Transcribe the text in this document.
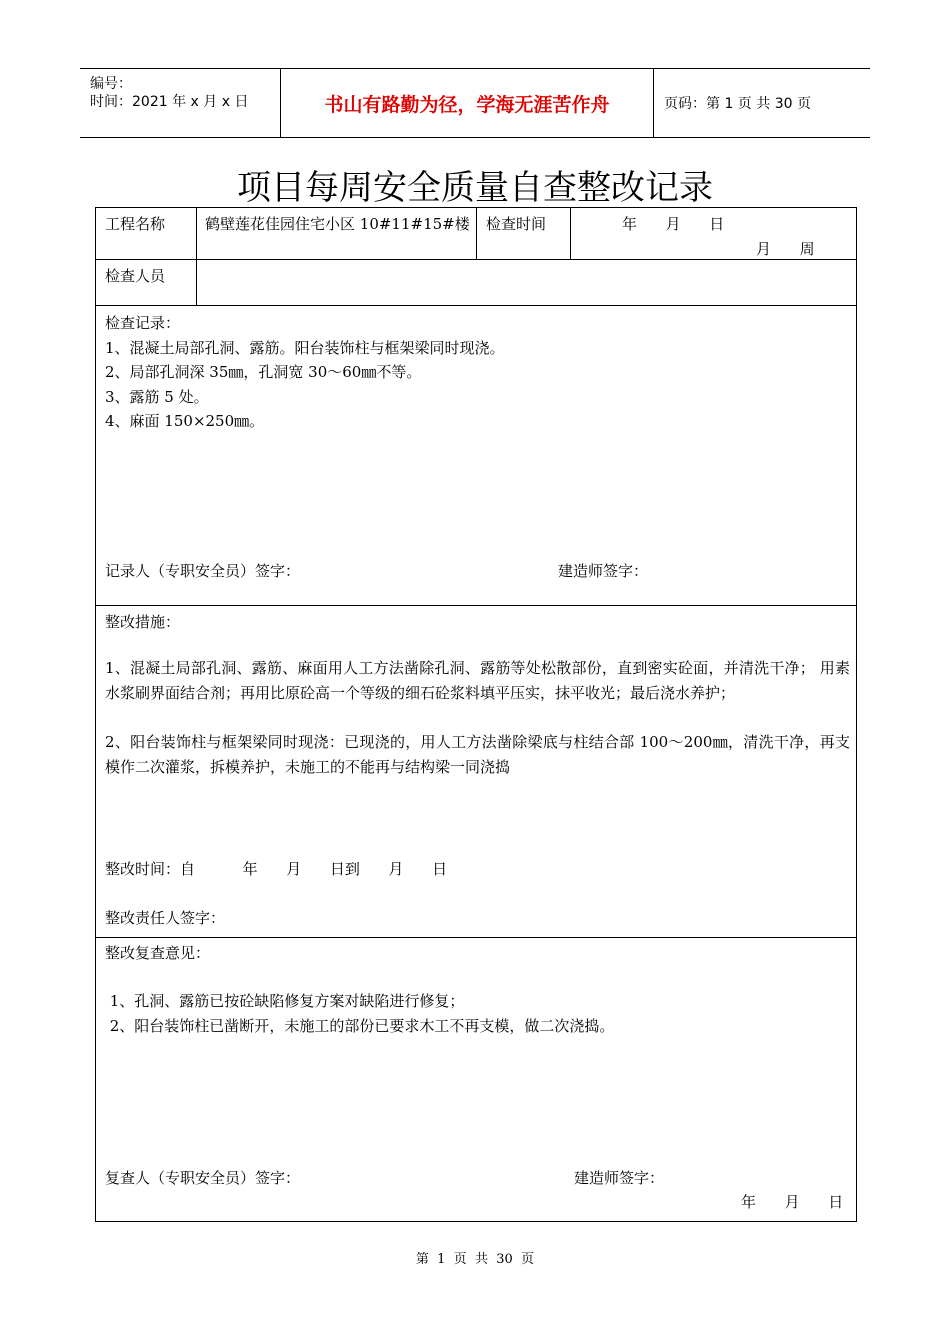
编号：
时间：2021 年 x 月 x 日	书山有路勤为径，学海无涯苦作舟	页码：第 1 页 共 30 页
项目每周安全质量自查整改记录
工程名称	鹤壁莲花佳园住宅小区 10#11#15#楼 检查时间	年      月      日
月      周
检查人员
检查记录：
1、混凝土局部孔洞、露筋。阳台装饰柱与框架梁同时现浇。
2、局部孔洞深 35㎜，孔洞宽 30～60㎜不等。
3、露筋 5 处。
4、麻面 150×250㎜。
记录人（专职安全员）签字：	建造师签字：
整改措施：
1、混凝土局部孔洞、露筋、麻面用人工方法凿除孔洞、露筋等处松散部份，直到密实砼面，并清洗干净； 用素水浆刷界面结合剂；再用比原砼高一个等级的细石砼浆料填平压实，抹平收光；最后浇水养护；
2、阳台装饰柱与框架梁同时现浇：已现浇的，用人工方法凿除梁底与柱结合部 100～200㎜，清洗干净，再支模作二次灌浆，拆模养护，未施工的不能再与结构梁一同浇捣
整改时间：自          年      月      日到      月      日
整改责任人签字：
整改复查意见：
1、孔洞、露筋已按砼缺陷修复方案对缺陷进行修复；
2、阳台装饰柱已凿断开，未施工的部份已要求木工不再支模，做二次浇捣。
复查人（专职安全员）签字：	建造师签字：
年      月      日
第  1  页  共  30  页
